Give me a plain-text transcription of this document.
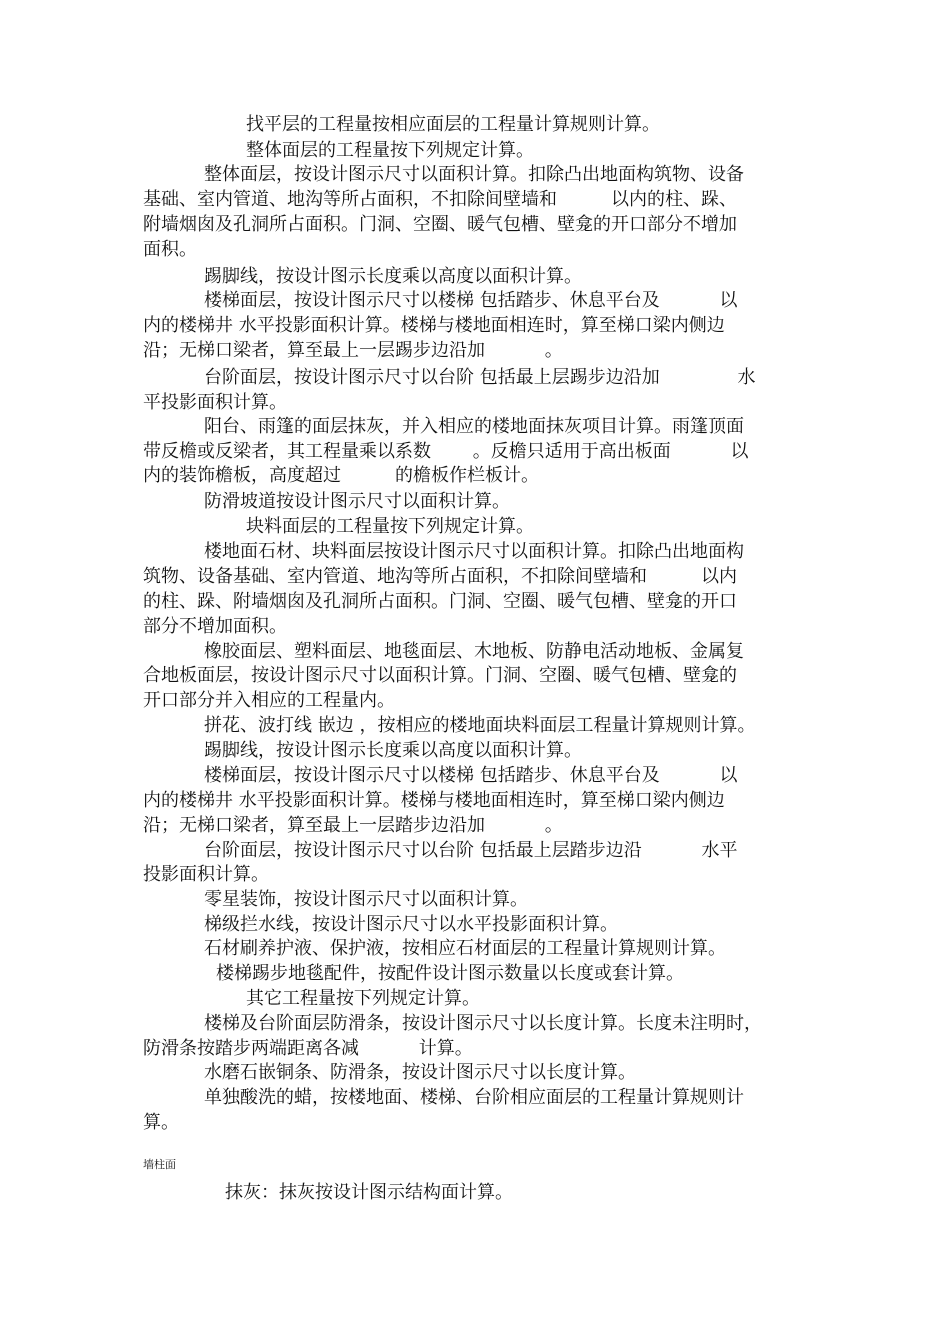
找平层的工程量按相应面层的工程量计算规则计算。
整体面层的工程量按下列规定计算。
整体面层，按设计图示尺寸以面积计算。扣除凸出地面构筑物、设备
基础、室内管道、地沟等所占面积，不扣除间壁墙和　　　以内的柱、跺、
附墙烟囱及孔洞所占面积。门洞、空圈、暖气包槽、壁龛的开口部分不增加
面积。
踢脚线，按设计图示长度乘以高度以面积计算。
楼梯面层，按设计图示尺寸以楼梯 包括踏步、休息平台及　　　 以
内的楼梯井 水平投影面积计算。楼梯与楼地面相连时，算至梯口梁内侧边
沿；无梯口梁者，算至最上一层踢步边沿加　　　 。
台阶面层，按设计图示尺寸以台阶 包括最上层踢步边沿加　　　　 水
平投影面积计算。
阳台、雨篷的面层抹灰，并入相应的楼地面抹灰项目计算。雨篷顶面
带反檐或反梁者，其工程量乘以系数　　 。反檐只适用于高出板面　　　 以
内的装饰檐板，高度超过　　　的檐板作栏板计。
防滑坡道按设计图示尺寸以面积计算。
块料面层的工程量按下列规定计算。
楼地面石材、块料面层按设计图示尺寸以面积计算。扣除凸出地面构
筑物、设备基础、室内管道、地沟等所占面积，不扣除间壁墙和　　　以内
的柱、跺、附墙烟囱及孔洞所占面积。门洞、空圈、暖气包槽、壁龛的开口
部分不增加面积。
橡胶面层、塑料面层、地毯面层、木地板、防静电活动地板、金属复
合地板面层，按设计图示尺寸以面积计算。门洞、空圈、暖气包槽、壁龛的
开口部分并入相应的工程量内。
拼花、波打线 嵌边 ，按相应的楼地面块料面层工程量计算规则计算。
踢脚线，按设计图示长度乘以高度以面积计算。
楼梯面层，按设计图示尺寸以楼梯 包括踏步、休息平台及　　　 以
内的楼梯井 水平投影面积计算。楼梯与楼地面相连时，算至梯口梁内侧边
沿；无梯口梁者，算至最上一层踏步边沿加　　　 。
台阶面层，按设计图示尺寸以台阶 包括最上层踏步边沿　　　 水平
投影面积计算。
零星装饰，按设计图示尺寸以面积计算。
梯级拦水线，按设计图示尺寸以水平投影面积计算。
石材刷养护液、保护液，按相应石材面层的工程量计算规则计算。
楼梯踢步地毯配件，按配件设计图示数量以长度或套计算。
其它工程量按下列规定计算。
楼梯及台阶面层防滑条，按设计图示尺寸以长度计算。长度未注明时，
防滑条按踏步两端距离各减　　　 计算。
水磨石嵌铜条、防滑条，按设计图示尺寸以长度计算。
单独酸洗的蜡，按楼地面、楼梯、台阶相应面层的工程量计算规则计
算。
墙柱面
抹灰：抹灰按设计图示结构面计算。
